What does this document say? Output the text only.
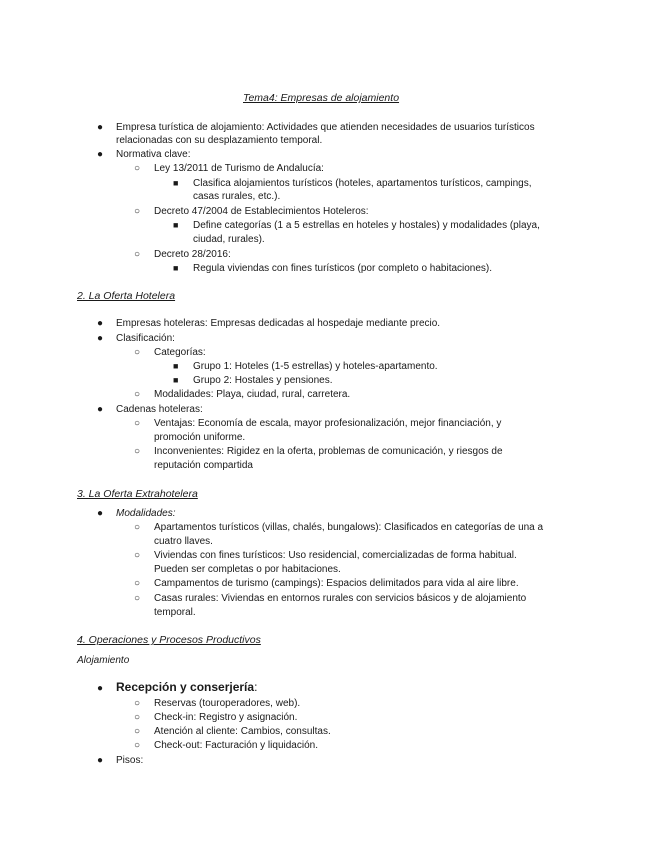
Tema4: Empresas de alojamiento
● Empresa turística de alojamiento: Actividades que atienden necesidades de usuarios turísticos
relacionadas con su desplazamiento temporal.
● Normativa clave:
○ Ley 13/2011 de Turismo de Andalucía:
■ Clasifica alojamientos turísticos (hoteles, apartamentos turísticos, campings,
casas rurales, etc.).
○ Decreto 47/2004 de Establecimientos Hoteleros:
■ Define categorías (1 a 5 estrellas en hoteles y hostales) y modalidades (playa,
ciudad, rurales).
○ Decreto 28/2016:
■ Regula viviendas con fines turísticos (por completo o habitaciones).
2. La Oferta Hotelera
● Empresas hoteleras: Empresas dedicadas al hospedaje mediante precio.
● Clasificación:
○ Categorías:
■ Grupo 1: Hoteles (1-5 estrellas) y hoteles-apartamento.
■ Grupo 2: Hostales y pensiones.
○ Modalidades: Playa, ciudad, rural, carretera.
● Cadenas hoteleras:
○ Ventajas: Economía de escala, mayor profesionalización, mejor financiación, y
promoción uniforme.
○ Inconvenientes: Rigidez en la oferta, problemas de comunicación, y riesgos de
reputación compartida
3. La Oferta Extrahotelera
● Modalidades:
○ Apartamentos turísticos (villas, chalés, bungalows): Clasificados en categorías de una a
cuatro llaves.
○ Viviendas con fines turísticos: Uso residencial, comercializadas de forma habitual.
Pueden ser completas o por habitaciones.
○ Campamentos de turismo (campings): Espacios delimitados para vida al aire libre.
○ Casas rurales: Viviendas en entornos rurales con servicios básicos y de alojamiento
temporal.
4. Operaciones y Procesos Productivos
Alojamiento
● Recepción y conserjería:
○ Reservas (touroperadores, web).
○ Check-in: Registro y asignación.
○ Atención al cliente: Cambios, consultas.
○ Check-out: Facturación y liquidación.
● Pisos:
